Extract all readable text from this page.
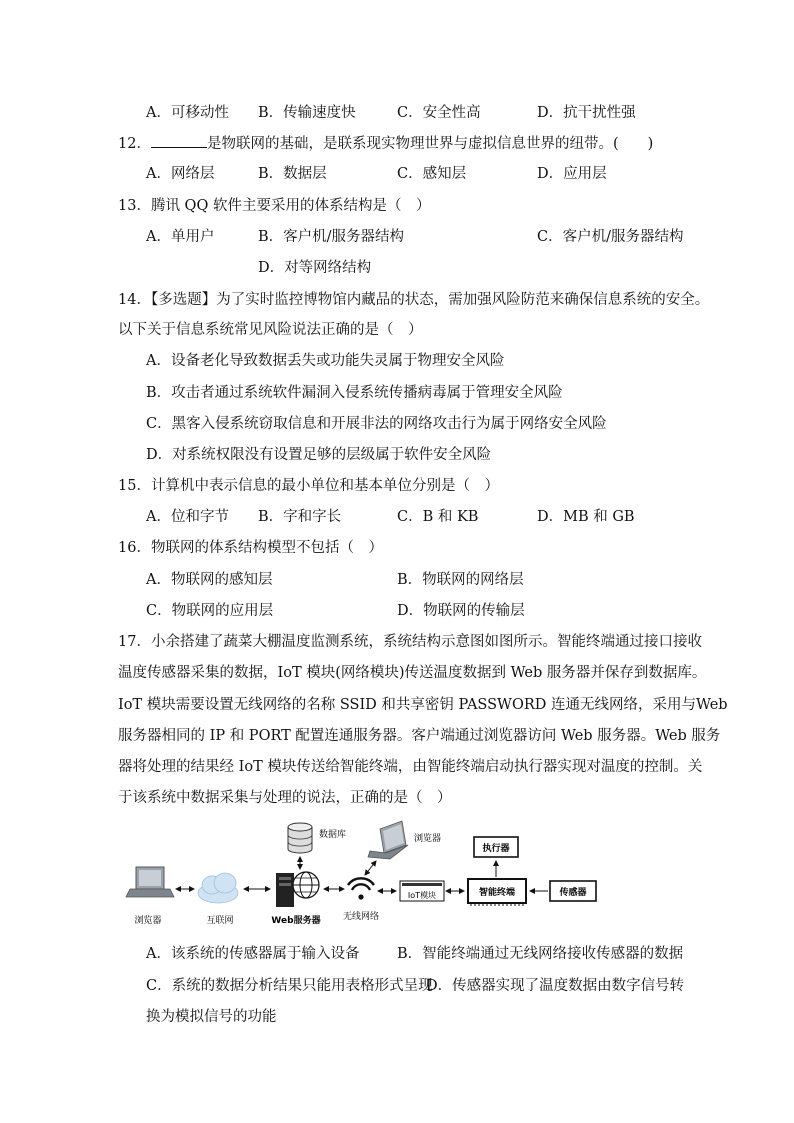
A．可移动性 B．传输速度快	C．安全性高	D．抗干扰性强
12．	是物联网的基础，是联系现实物理世界与虚拟信息世界的纽带。(　　)
A．网络层	B．数据层	C．感知层	D．应用层
13．腾讯 QQ 软件主要采用的体系结构是（　）
A．单用户	B．客户机/服务器结构	C．客户机/服务器结构
D．对等网络结构
14．【多选题】为了实时监控博物馆内藏品的状态，需加强风险防范来确保信息系统的安全。
以下关于信息系统常见风险说法正确的是（　）
A．设备老化导致数据丢失或功能失灵属于物理安全风险
B．攻击者通过系统软件漏洞入侵系统传播病毒属于管理安全风险
C．黑客入侵系统窃取信息和开展非法的网络攻击行为属于网络安全风险
D．对系统权限没有设置足够的层级属于软件安全风险
15．计算机中表示信息的最小单位和基本单位分别是（　）
A．位和字节 B．字和字长	C．B 和 KB	D．MB 和 GB
16．物联网的体系结构模型不包括（　）
A．物联网的感知层	B．物联网的网络层
C．物联网的应用层	D．物联网的传输层
17．小余搭建了蔬菜大棚温度监测系统，系统结构示意图如图所示。智能终端通过接口接收
温度传感器采集的数据，IoT 模块(网络模块)传送温度数据到 Web 服务器并保存到数据库。
IoT 模块需要设置无线网络的名称 SSID 和共享密钥 PASSWORD 连通无线网络，采用与Web
服务器相同的 IP 和 PORT 配置连通服务器。客户端通过浏览器访问 Web 服务器。Web 服务
器将处理的结果经 IoT 模块传送给智能终端，由智能终端启动执行器实现对温度的控制。关
于该系统中数据采集与处理的说法，正确的是（　）
浏览器	互联网	Web服务器
数据库
无线网络
浏览器
IoT模块	智能终端
执行器
传感器
A．该系统的传感器属于输入设备	B．智能终端通过无线网络接收传感器的数据
C．系统的数据分析结果只能用表格形式呈现
D．传感器实现了温度数据由数字信号转
换为模拟信号的功能
